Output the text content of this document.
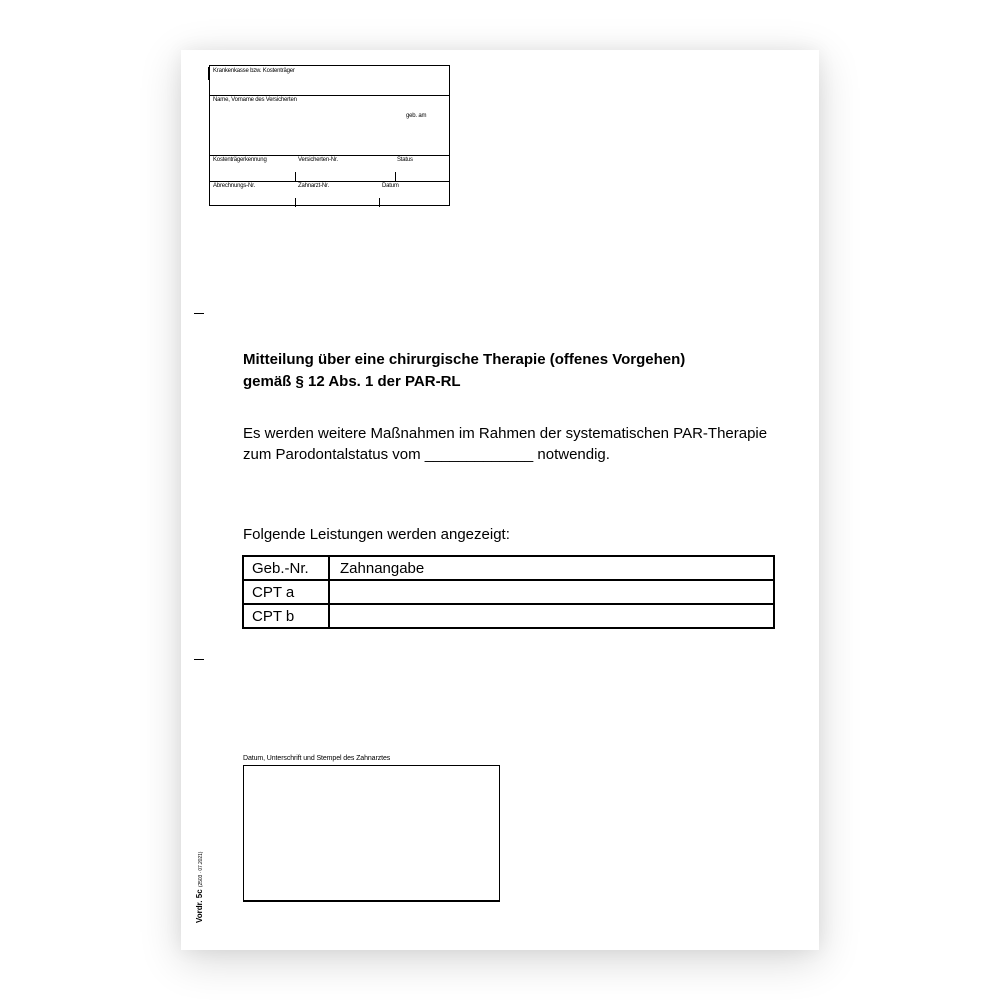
Krankenkasse bzw. Kostenträger
Name, Vorname des Versicherten
geb. am
Kostenträgerkennung	Versicherten-Nr.	Status
Abrechnungs-Nr.	Zahnarzt-Nr.	Datum
Mitteilung über eine chirurgische Therapie (offenes Vorgehen)
gemäß § 12 Abs. 1 der PAR-RL
Es werden weitere Maßnahmen im Rahmen der systematischen PAR-Therapie
zum Parodontalstatus vom _____________ notwendig.
Folgende Leistungen werden angezeigt:
Geb.-Nr.	Zahnangabe
CPT a	
CPT b	
Datum, Unterschrift und Stempel des Zahnarztes
Vordr. 5c (2503 · 07.2021)
